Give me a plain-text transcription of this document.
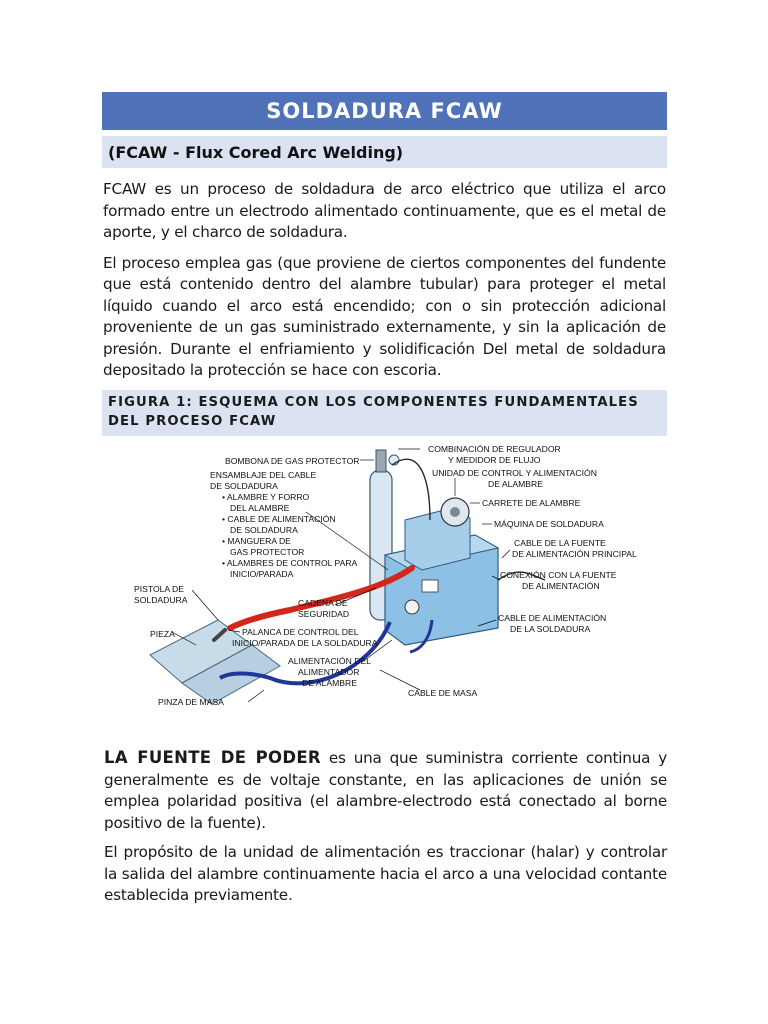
SOLDADURA FCAW
(FCAW - Flux Cored Arc Welding)

FCAW es un proceso de soldadura de arco eléctrico que utiliza el arco formado entre un electrodo alimentado continuamente, que es el metal de aporte, y el charco de soldadura.

El proceso emplea gas (que proviene de ciertos componentes del fundente que está contenido dentro del alambre tubular) para proteger el metal líquido cuando el arco está encendido; con o sin protección adicional proveniente de un gas suministrado externamente, y sin la aplicación de presión. Durante el enfriamiento y solidificación Del metal de soldadura depositado la protección se hace con escoria.

FIGURA 1: ESQUEMA CON LOS COMPONENTES FUNDAMENTALES
DEL PROCESO FCAW
BOMBONA DE GAS PROTECTOR
ENSAMBLAJE DEL CABLE
DE SOLDADURA
• ALAMBRE Y FORRO
DEL ALAMBRE
• CABLE DE ALIMENTACIÓN
DE SOLDADURA
• MANGUERA DE
GAS PROTECTOR
• ALAMBRES DE CONTROL PARA
INICIO/PARADA
PISTOLA DE
SOLDADURA
PIEZA
CADENA DE
SEGURIDAD
PALANCA DE CONTROL DEL
INICIO/PARADA DE LA SOLDADURA
ALIMENTACIÓN DEL
ALIMENTADOR
DE ALAMBRE
PINZA DE MASA
CABLE DE MASA
COMBINACIÓN DE REGULADOR
Y MEDIDOR DE FLUJO
UNIDAD DE CONTROL Y ALIMENTACIÓN
DE ALAMBRE
CARRETE DE ALAMBRE
MÁQUINA DE SOLDADURA
CABLE DE LA FUENTE
DE ALIMENTACIÓN PRINCIPAL
CONEXIÓN CON LA FUENTE
DE ALIMENTACIÓN
CABLE DE ALIMENTACIÓN
DE LA SOLDADURA

LA FUENTE DE PODER es una que suministra corriente continua y generalmente es de voltaje constante, en las aplicaciones de unión se emplea polaridad positiva (el alambre-electrodo está conectado al borne positivo de la fuente).

El propósito de la unidad de alimentación es traccionar (halar) y controlar la salida del alambre continuamente hacia el arco a una velocidad contante establecida previamente.
